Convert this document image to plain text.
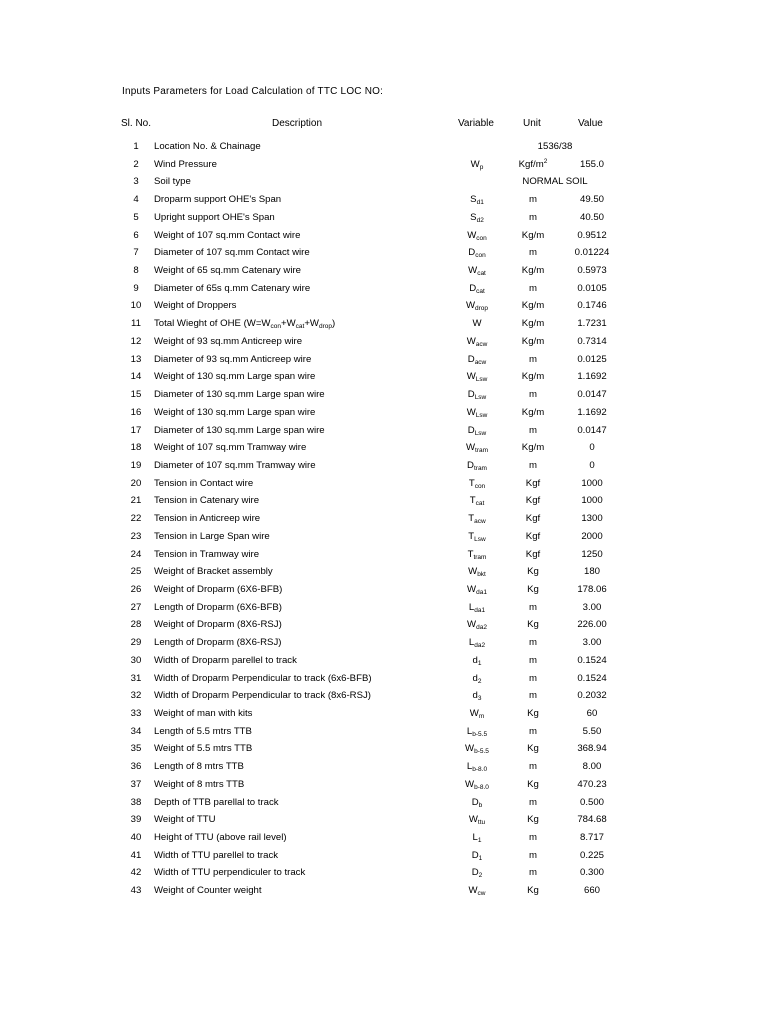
Inputs Parameters for Load Calculation of TTC LOC NO:
Sl. No.	Description	Variable	Unit	Value
1	Location No. & Chainage	1536/38
2	Wind Pressure	$W_p$	Kgf/$m^2$	155.0
3	Soil type	NORMAL SOIL
4	Droparm support OHE's Span	$S_{d1}$	m	49.50
5	Upright support OHE's Span	$S_{d2}$	m	40.50
6	Weight of 107 sq.mm Contact wire	$W_{con}$	Kg/m	0.9512
7	Diameter of 107 sq.mm Contact wire	$D_{con}$	m	0.01224
8	Weight of 65 sq.mm Catenary wire	$W_{cat}$	Kg/m	0.5973
9	Diameter of 65s q.mm Catenary wire	$D_{cat}$	m	0.0105
10	Weight of Droppers	$W_{drop}$	Kg/m	0.1746
11	Total Wieght of OHE $(W=W_{con}+W_{cat}+W_{drop})$	W	Kg/m	1.7231
12	Weight of 93 sq.mm Anticreep wire	$W_{acw}$	Kg/m	0.7314
13	Diameter of 93 sq.mm Anticreep wire	$D_{acw}$	m	0.0125
14	Weight of 130 sq.mm Large span wire	$W_{Lsw}$	Kg/m	1.1692
15	Diameter of 130 sq.mm Large span wire	$D_{Lsw}$	m	0.0147
16	Weight of 130 sq.mm Large span wire	$W_{Lsw}$	Kg/m	1.1692
17	Diameter of 130 sq.mm Large span wire	$D_{Lsw}$	m	0.0147
18	Weight of 107 sq.mm Tramway wire	$W_{tram}$	Kg/m	0
19	Diameter of 107 sq.mm Tramway wire	$D_{tram}$	m	0
20	Tension in Contact wire	$T_{con}$	Kgf	1000
21	Tension in Catenary wire	$T_{cat}$	Kgf	1000
22	Tension in Anticreep wire	$T_{acw}$	Kgf	1300
23	Tension in Large Span wire	$T_{Lsw}$	Kgf	2000
24	Tension in Tramway wire	$T_{tram}$	Kgf	1250
25	Weight of Bracket assembly	$W_{bkt}$	Kg	180
26	Weight of Droparm (6X6-BFB)	$W_{da1}$	Kg	178.06
27	Length of Droparm (6X6-BFB)	$L_{da1}$	m	3.00
28	Weight of Droparm (8X6-RSJ)	$W_{da2}$	Kg	226.00
29	Length of Droparm (8X6-RSJ)	$L_{da2}$	m	3.00
30	Width of Droparm parellel to track	$d_1$	m	0.1524
31	Width of Droparm Perpendicular to track (6x6-BFB)	$d_2$	m	0.1524
32	Width of Droparm Perpendicular to track (8x6-RSJ)	$d_3$	m	0.2032
33	Weight of man with kits	$W_m$	Kg	60
34	Length of 5.5 mtrs TTB	$L_{b-5.5}$	m	5.50
35	Weight of 5.5 mtrs TTB	$W_{b-5.5}$	Kg	368.94
36	Length of 8 mtrs TTB	$L_{b-8.0}$	m	8.00
37	Weight of 8 mtrs TTB	$W_{b-8.0}$	Kg	470.23
38	Depth of TTB parellal to track	$D_b$	m	0.500
39	Weight of TTU	$W_{ttu}$	Kg	784.68
40	Height of TTU (above rail level)	$L_1$	m	8.717
41	Width of TTU parellel to track	$D_1$	m	0.225
42	Width of TTU perpendiculer to track	$D_2$	m	0.300
43	Weight of Counter weight	$W_{cw}$	Kg	660
